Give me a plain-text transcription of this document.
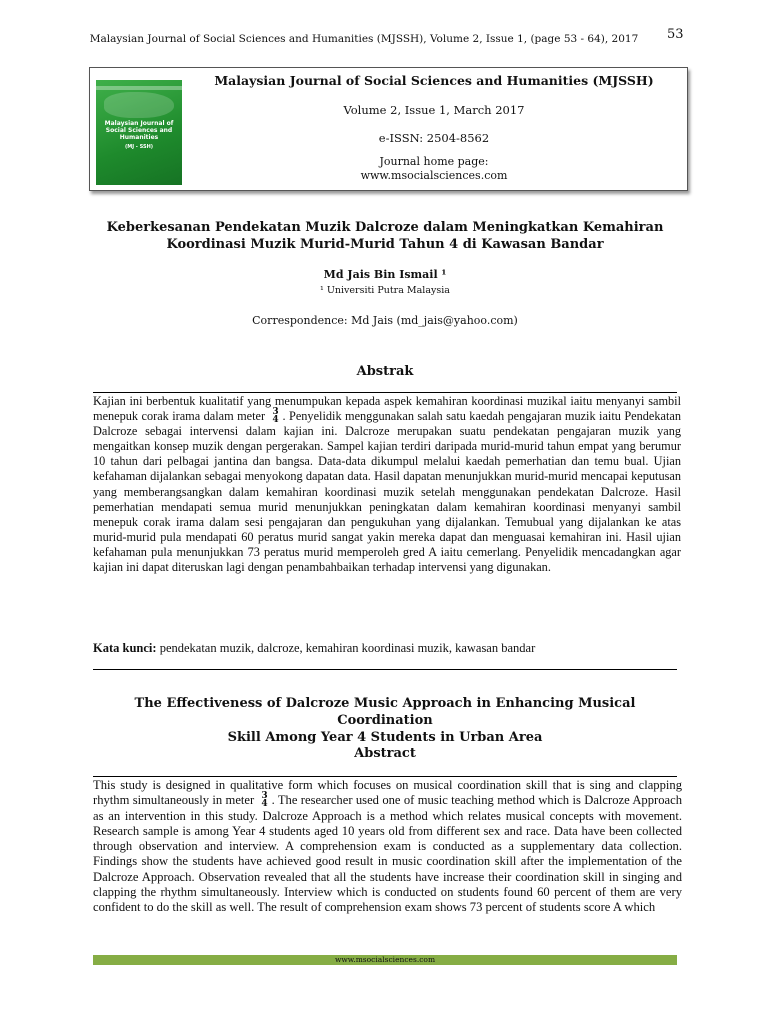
Malaysian Journal of Social Sciences and Humanities (MJSSH), Volume 2, Issue 1, (page 53 - 64), 2017	53
Malaysian Journal of
Social Sciences and
Humanities
(MJ - SSH)
Malaysian Journal of Social Sciences and Humanities (MJSSH)
Volume 2, Issue 1, March 2017
e-ISSN: 2504-8562
Journal home page:
www.msocialsciences.com
Keberkesanan Pendekatan Muzik Dalcroze dalam Meningkatkan Kemahiran
Koordinasi Muzik Murid-Murid Tahun 4 di Kawasan Bandar
Md Jais Bin Ismail ¹
¹ Universiti Putra Malaysia
Correspondence: Md Jais (md_jais@yahoo.com)
Abstrak
Kajian ini berbentuk kualitatif yang menumpukan kepada aspek kemahiran koordinasi muzikal iaitu menyanyi sambil menepuk corak irama dalam meter 3
4 . Penyelidik menggunakan salah satu kaedah pengajaran muzik iaitu Pendekatan Dalcroze sebagai intervensi dalam kajian ini. Dalcroze merupakan suatu pendekatan pengajaran muzik yang mengaitkan konsep muzik dengan pergerakan. Sampel kajian terdiri daripada murid-murid tahun empat yang berumur 10 tahun dari pelbagai jantina dan bangsa. Data-data dikumpul melalui kaedah pemerhatian dan temu bual. Ujian kefahaman dijalankan sebagai menyokong dapatan data. Hasil dapatan menunjukkan murid-murid mencapai keputusan yang memberangsangkan dalam kemahiran koordinasi muzik setelah menggunakan pendekatan Dalcroze. Hasil pemerhatian mendapati semua murid menunjukkan peningkatan dalam kemahiran koordinasi menyanyi sambil menepuk corak irama dalam sesi pengajaran dan pengukuhan yang dijalankan. Temubual yang dijalankan ke atas murid-murid pula mendapati 60 peratus murid sangat yakin mereka dapat dan menguasai kemahiran ini. Hasil ujian kefahaman pula menunjukkan 73 peratus murid memperoleh gred A iaitu cemerlang. Penyelidik mencadangkan agar kajian ini dapat diteruskan lagi dengan penambahbaikan terhadap intervensi yang digunakan.
Kata kunci: pendekatan muzik, dalcroze, kemahiran koordinasi muzik, kawasan bandar
The Effectiveness of Dalcroze Music Approach in Enhancing Musical Coordination
Skill Among Year 4 Students in Urban Area
Abstract
This study is designed in qualitative form which focuses on musical coordination skill that is sing and clapping rhythm simultaneously in meter 3
4 . The researcher used one of music teaching method which is Dalcroze Approach as an intervention in this study. Dalcroze Approach is a method which relates musical concepts with movement. Research sample is among Year 4 students aged 10 years old from different sex and race. Data have been collected through observation and interview. A comprehension exam is conducted as a supplementary data collection. Findings show the students have achieved good result in music coordination skill after the implementation of the Dalcroze Approach. Observation revealed that all the students have increase their coordination skill in singing and clapping the rhythm simultaneously. Interview which is conducted on students found 60 percent of them are very confident to do the skill as well. The result of comprehension exam shows 73 percent of students score A which
www.msocialsciences.com
